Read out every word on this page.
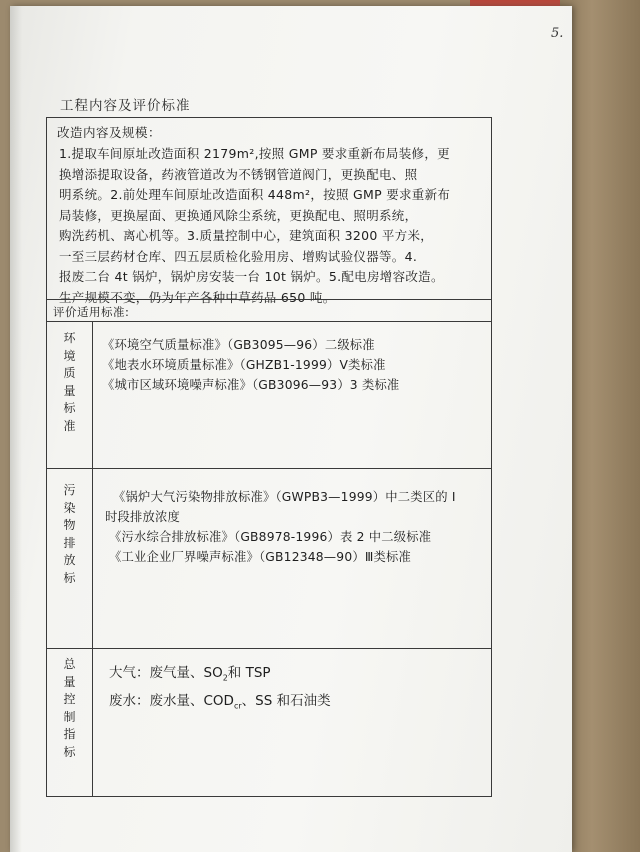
5.
工程内容及评价标准
改造内容及规模：
1.提取车间原址改造面积 2179m²,按照 GMP 要求重新布局装修，更
换增添提取设备，药液管道改为不锈钢管道阀门，更换配电、照
明系统。2.前处理车间原址改造面积 448m²，按照 GMP 要求重新布
局装修，更换屋面、更换通风除尘系统，更换配电、照明系统，
购洗药机、离心机等。3.质量控制中心，建筑面积 3200 平方米，
一至三层药材仓库、四五层质检化验用房、增购试验仪器等。4.
报废二台 4t 锅炉，锅炉房安装一台 10t 锅炉。5.配电房增容改造。
生产规模不变，仍为年产各种中草药品 650 吨。
评价适用标准:
环
境
质
量
标
准
《环境空气质量标准》（GB3095—96）二级标准
《地表水环境质量标准》（GHZB1-1999）Ⅴ类标准
《城市区域环境噪声标准》（GB3096—93）3 类标准
污
染
物
排
放
标
《锅炉大气污染物排放标准》（GWPB3—1999）中二类区的 I
时段排放浓度
《污水综合排放标准》（GB8978-1996）表 2 中二级标准
《工业企业厂界噪声标准》（GB12348—90）Ⅲ类标准
总
量
控
制
指
标
大气：废气量、$SO_2$和 TSP
废水：废水量、$COD_{cr}$、SS 和石油类
